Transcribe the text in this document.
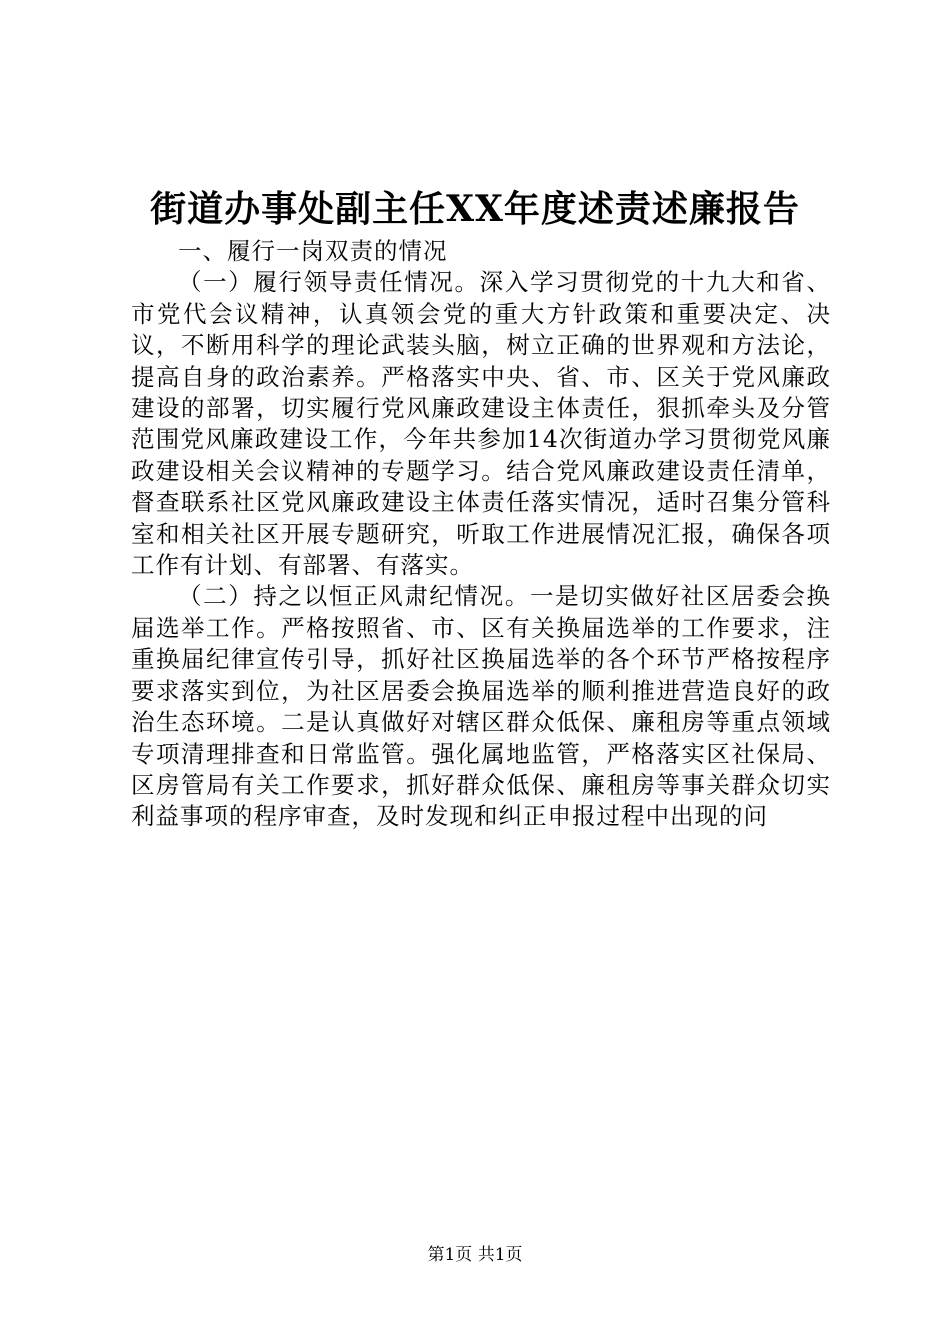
街道办事处副主任XX年度述责述廉报告

一、履行一岗双责的情况

（一）履行领导责任情况。深入学习贯彻党的十九大和省、市党代会议精神，认真领会党的重大方针政策和重要决定、决议，不断用科学的理论武装头脑，树立正确的世界观和方法论，提高自身的政治素养。严格落实中央、省、市、区关于党风廉政建设的部署，切实履行党风廉政建设主体责任，狠抓牵头及分管范围党风廉政建设工作，今年共参加14次街道办学习贯彻党风廉政建设相关会议精神的专题学习。结合党风廉政建设责任清单，督查联系社区党风廉政建设主体责任落实情况，适时召集分管科室和相关社区开展专题研究，听取工作进展情况汇报，确保各项工作有计划、有部署、有落实。

（二）持之以恒正风肃纪情况。一是切实做好社区居委会换届选举工作。严格按照省、市、区有关换届选举的工作要求，注重换届纪律宣传引导，抓好社区换届选举的各个环节严格按程序要求落实到位，为社区居委会换届选举的顺利推进营造良好的政治生态环境。二是认真做好对辖区群众低保、廉租房等重点领域专项清理排查和日常监管。强化属地监管，严格落实区社保局、区房管局有关工作要求，抓好群众低保、廉租房等事关群众切实利益事项的程序审查，及时发现和纠正申报过程中出现的问

第1页 共1页
